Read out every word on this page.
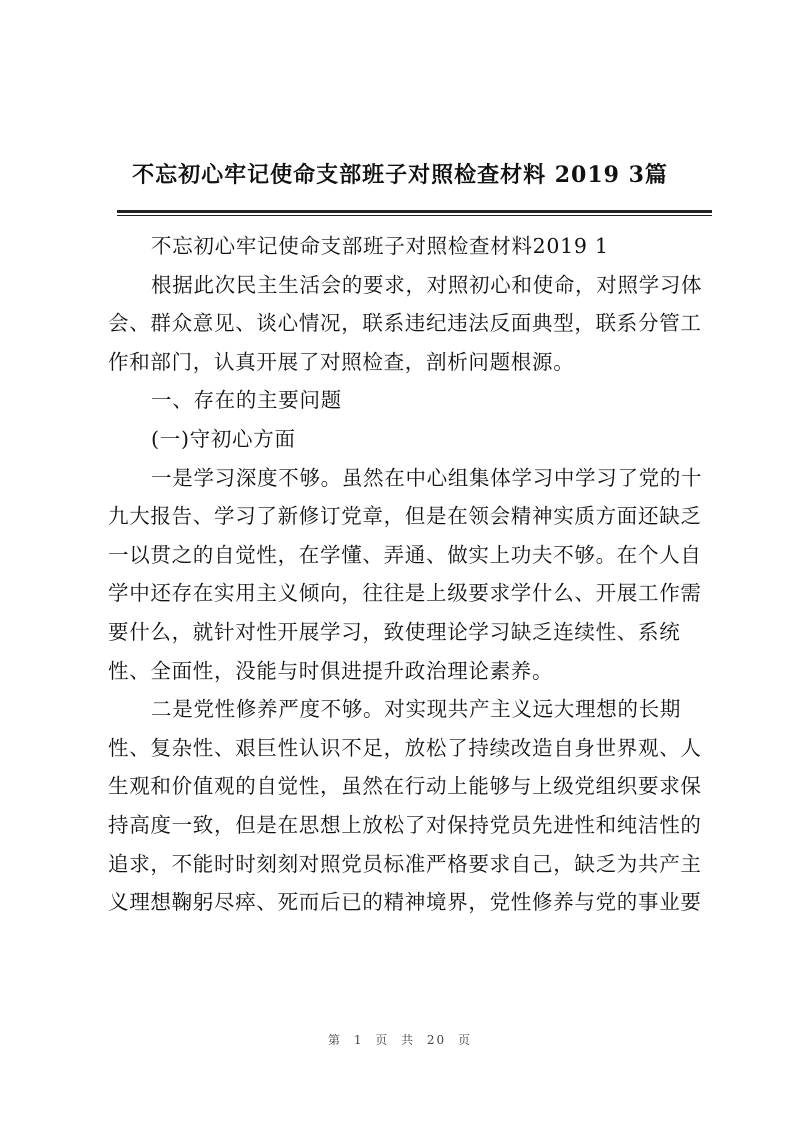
不忘初心牢记使命支部班子对照检查材料 2019 3篇

不忘初心牢记使命支部班子对照检查材料2019 1

根据此次民主生活会的要求，对照初心和使命，对照学习体会、群众意见、谈心情况，联系违纪违法反面典型，联系分管工作和部门，认真开展了对照检查，剖析问题根源。

一、存在的主要问题

(一)守初心方面

一是学习深度不够。虽然在中心组集体学习中学习了党的十九大报告、学习了新修订党章，但是在领会精神实质方面还缺乏一以贯之的自觉性，在学懂、弄通、做实上功夫不够。在个人自学中还存在实用主义倾向，往往是上级要求学什么、开展工作需要什么，就针对性开展学习，致使理论学习缺乏连续性、系统性、全面性，没能与时俱进提升政治理论素养。

二是党性修养严度不够。对实现共产主义远大理想的长期性、复杂性、艰巨性认识不足，放松了持续改造自身世界观、人生观和价值观的自觉性，虽然在行动上能够与上级党组织要求保持高度一致，但是在思想上放松了对保持党员先进性和纯洁性的追求，不能时时刻刻对照党员标准严格要求自己，缺乏为共产主义理想鞠躬尽瘁、死而后已的精神境界，党性修养与党的事业要

第 1 页 共 20 页
